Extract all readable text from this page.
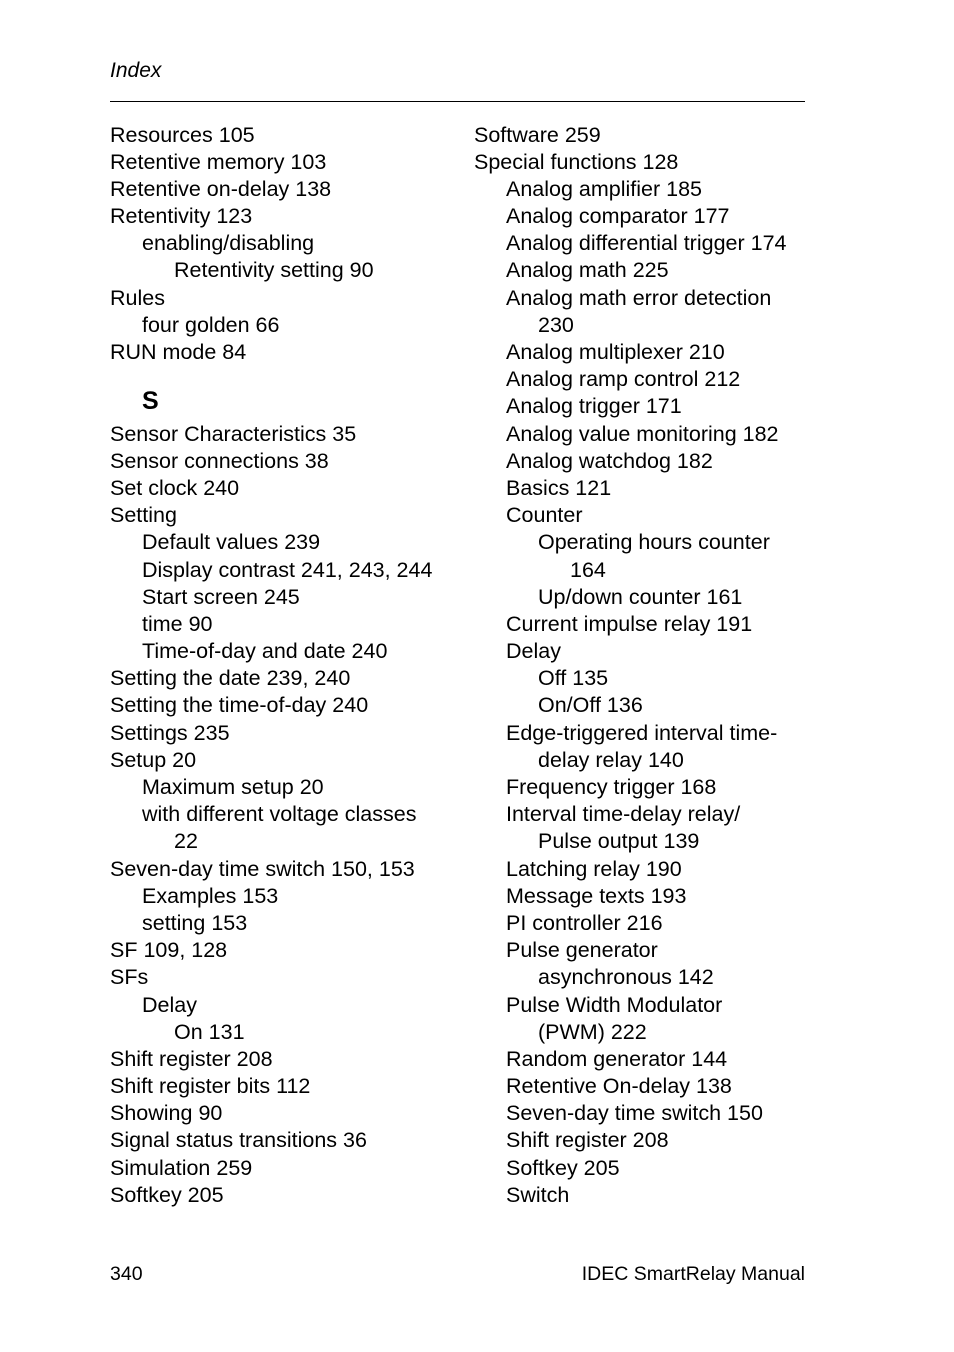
Index
Resources 105
Retentive memory 103
Retentive on-delay 138
Retentivity 123
enabling/disabling
Retentivity setting 90
Rules
four golden 66
RUN mode 84
S
Sensor Characteristics 35
Sensor connections 38
Set clock 240
Setting
Default values 239
Display contrast 241, 243, 244
Start screen 245
time 90
Time-of-day and date 240
Setting the date 239, 240
Setting the time-of-day 240
Settings 235
Setup 20
Maximum setup 20
with different voltage classes
22
Seven-day time switch 150, 153
Examples 153
setting 153
SF 109, 128
SFs
Delay
On 131
Shift register 208
Shift register bits 112
Showing 90
Signal status transitions 36
Simulation 259
Softkey 205
Software 259
Special functions 128
Analog amplifier 185
Analog comparator 177
Analog differential trigger 174
Analog math 225
Analog math error detection
230
Analog multiplexer 210
Analog ramp control 212
Analog trigger 171
Analog value monitoring 182
Analog watchdog 182
Basics 121
Counter
Operating hours counter
164
Up/down counter 161
Current impulse relay 191
Delay
Off 135
On/Off 136
Edge-triggered interval time-
delay relay 140
Frequency trigger 168
Interval time-delay relay/
Pulse output 139
Latching relay 190
Message texts 193
PI controller 216
Pulse generator
asynchronous 142
Pulse Width Modulator
(PWM) 222
Random generator 144
Retentive On-delay 138
Seven-day time switch 150
Shift register 208
Softkey 205
Switch
340	IDEC SmartRelay Manual
